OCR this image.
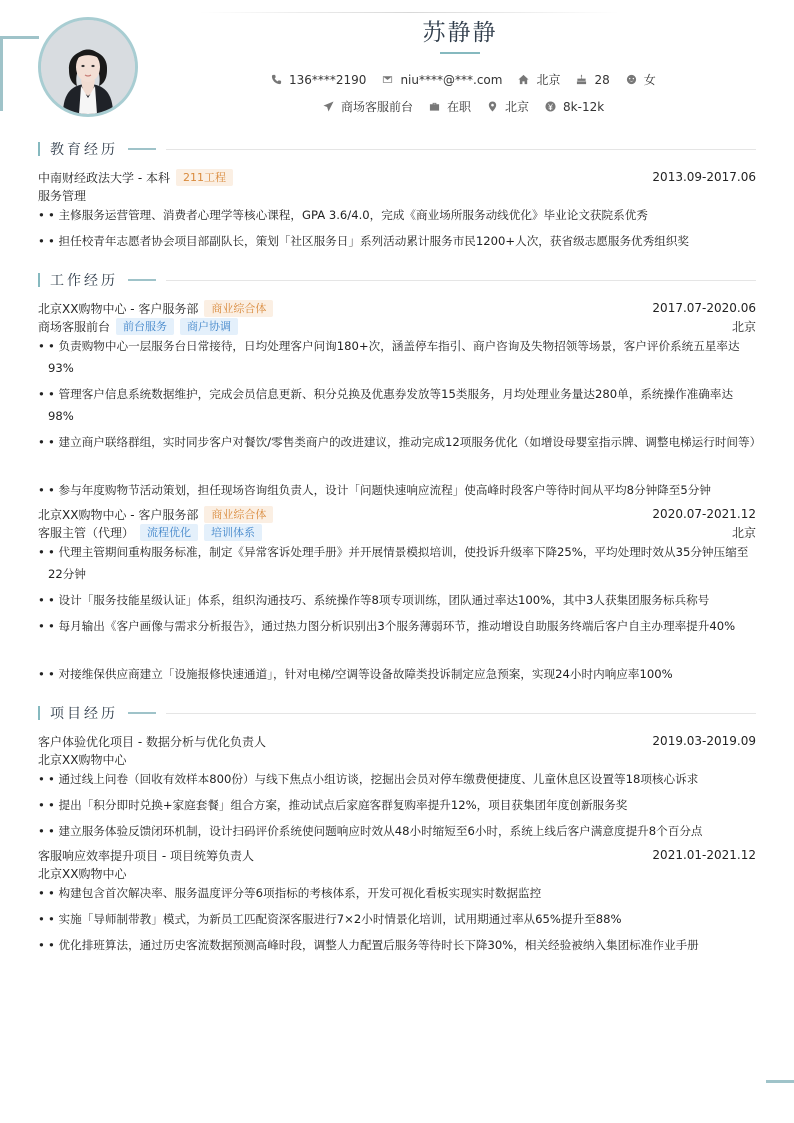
苏静静
136****2190	niu****@***.com	北京	28	女
商场客服前台	在职	北京	8k-12k
教育经历
中南财经政法大学 - 本科	211工程	2013.09-2017.06
服务管理
• • 主修服务运营管理、消费者心理学等核心课程，GPA 3.6/4.0，完成《商业场所服务动线优化》毕业论文获院系优秀
• • 担任校青年志愿者协会项目部副队长，策划「社区服务日」系列活动累计服务市民1200+人次，获省级志愿服务优秀组织奖
工作经历
北京XX购物中心 - 客户服务部	商业综合体	2017.07-2020.06
商场客服前台	前台服务	商户协调	北京
• • 负责购物中心一层服务台日常接待，日均处理客户问询180+次，涵盖停车指引、商户咨询及失物招领等场景，客户评价系统五星率达93%
• • 管理客户信息系统数据维护，完成会员信息更新、积分兑换及优惠券发放等15类服务，月均处理业务量达280单，系统操作准确率达98%
• • 建立商户联络群组，实时同步客户对餐饮/零售类商户的改进建议，推动完成12项服务优化（如增设母婴室指示牌、调整电梯运行时间等）
• • 参与年度购物节活动策划，担任现场咨询组负责人，设计「问题快速响应流程」使高峰时段客户等待时间从平均8分钟降至5分钟
北京XX购物中心 - 客户服务部	商业综合体	2020.07-2021.12
客服主管（代理）	流程优化	培训体系	北京
• • 代理主管期间重构服务标准，制定《异常客诉处理手册》并开展情景模拟培训，使投诉升级率下降25%，平均处理时效从35分钟压缩至22分钟
• • 设计「服务技能星级认证」体系，组织沟通技巧、系统操作等8项专项训练，团队通过率达100%，其中3人获集团服务标兵称号
• • 每月输出《客户画像与需求分析报告》，通过热力图分析识别出3个服务薄弱环节，推动增设自助服务终端后客户自主办理率提升40%
• • 对接维保供应商建立「设施报修快速通道」，针对电梯/空调等设备故障类投诉制定应急预案，实现24小时内响应率100%
项目经历
客户体验优化项目 - 数据分析与优化负责人	2019.03-2019.09
北京XX购物中心
• • 通过线上问卷（回收有效样本800份）与线下焦点小组访谈，挖掘出会员对停车缴费便捷度、儿童休息区设置等18项核心诉求
• • 提出「积分即时兑换+家庭套餐」组合方案，推动试点后家庭客群复购率提升12%，项目获集团年度创新服务奖
• • 建立服务体验反馈闭环机制，设计扫码评价系统使问题响应时效从48小时缩短至6小时，系统上线后客户满意度提升8个百分点
客服响应效率提升项目 - 项目统筹负责人	2021.01-2021.12
北京XX购物中心
• • 构建包含首次解决率、服务温度评分等6项指标的考核体系，开发可视化看板实现实时数据监控
• • 实施「导师制带教」模式，为新员工匹配资深客服进行7×2小时情景化培训，试用期通过率从65%提升至88%
• • 优化排班算法，通过历史客流数据预测高峰时段，调整人力配置后服务等待时长下降30%，相关经验被纳入集团标准作业手册
